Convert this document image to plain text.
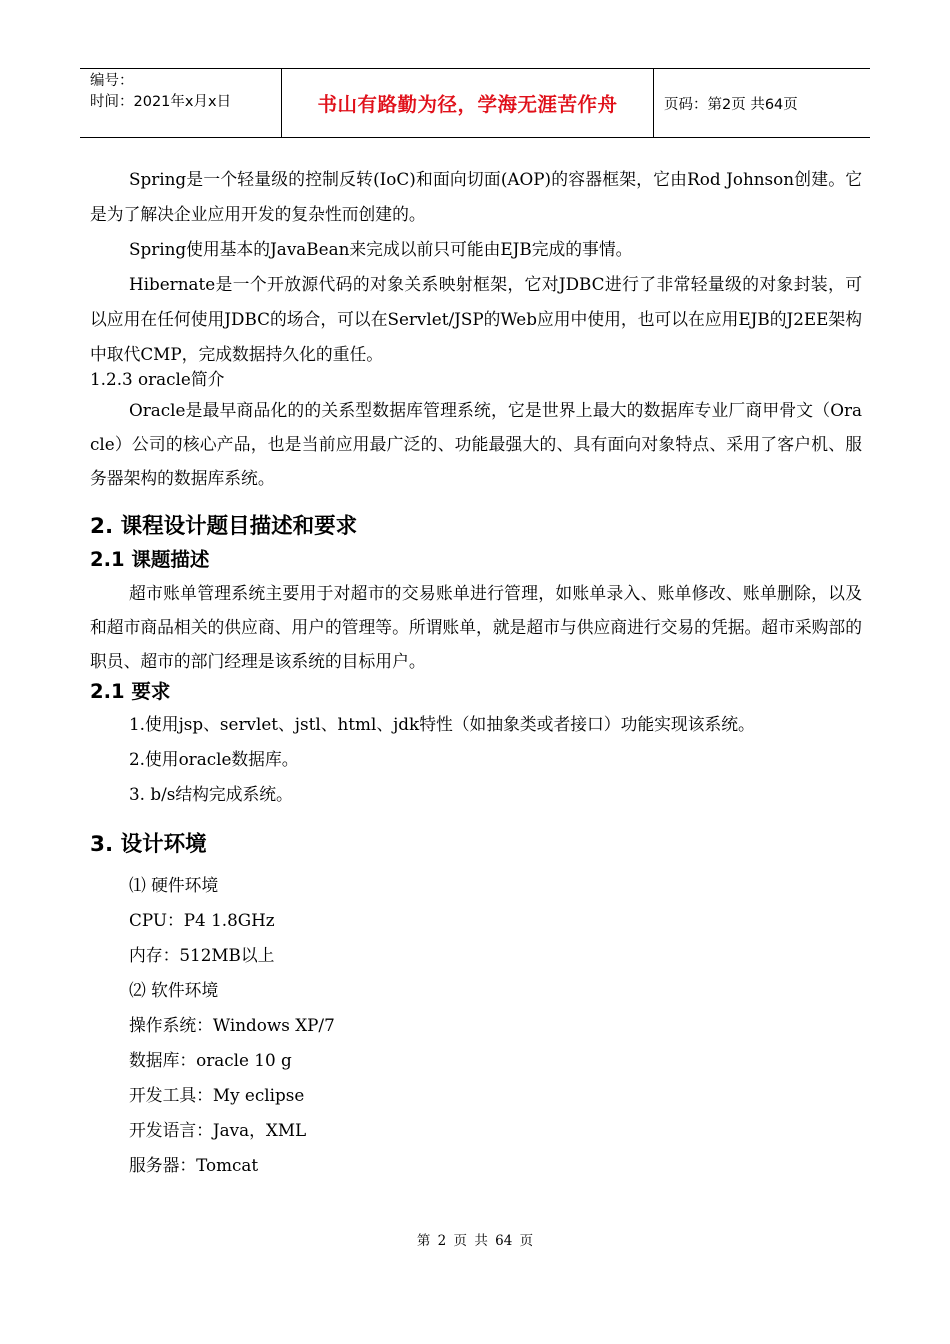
编号：
时间：2021年x月x日	书山有路勤为径，学海无涯苦作舟	页码：第2页 共64页

Spring是一个轻量级的控制反转(IoC)和面向切面(AOP)的容器框架，它由Rod Johnson创建。它是为了解决企业应用开发的复杂性而创建的。

Spring使用基本的JavaBean来完成以前只可能由EJB完成的事情。

Hibernate是一个开放源代码的对象关系映射框架，它对JDBC进行了非常轻量级的对象封装，可以应用在任何使用JDBC的场合，可以在Servlet/JSP的Web应用中使用，也可以在应用EJB的J2EE架构中取代CMP，完成数据持久化的重任。

1.2.3 oracle简介

Oracle是最早商品化的的关系型数据库管理系统，它是世界上最大的数据库专业厂商甲骨文（Oracle）公司的核心产品，也是当前应用最广泛的、功能最强大的、具有面向对象特点、采用了客户机、服务器架构的数据库系统。

2. 课程设计题目描述和要求
2.1 课题描述

超市账单管理系统主要用于对超市的交易账单进行管理，如账单录入、账单修改、账单删除，以及和超市商品相关的供应商、用户的管理等。所谓账单，就是超市与供应商进行交易的凭据。超市采购部的职员、超市的部门经理是该系统的目标用户。

2.1 要求

1.使用jsp、servlet、jstl、html、jdk特性（如抽象类或者接口）功能实现该系统。

2.使用oracle数据库。

3. b/s结构完成系统。

3. 设计环境

⑴ 硬件环境

CPU：P4 1.8GHz

内存：512MB以上

⑵ 软件环境

操作系统：Windows XP/7

数据库：oracle 10 g

开发工具：My eclipse

开发语言：Java，XML

服务器：Tomcat

第 2 页 共 64 页
